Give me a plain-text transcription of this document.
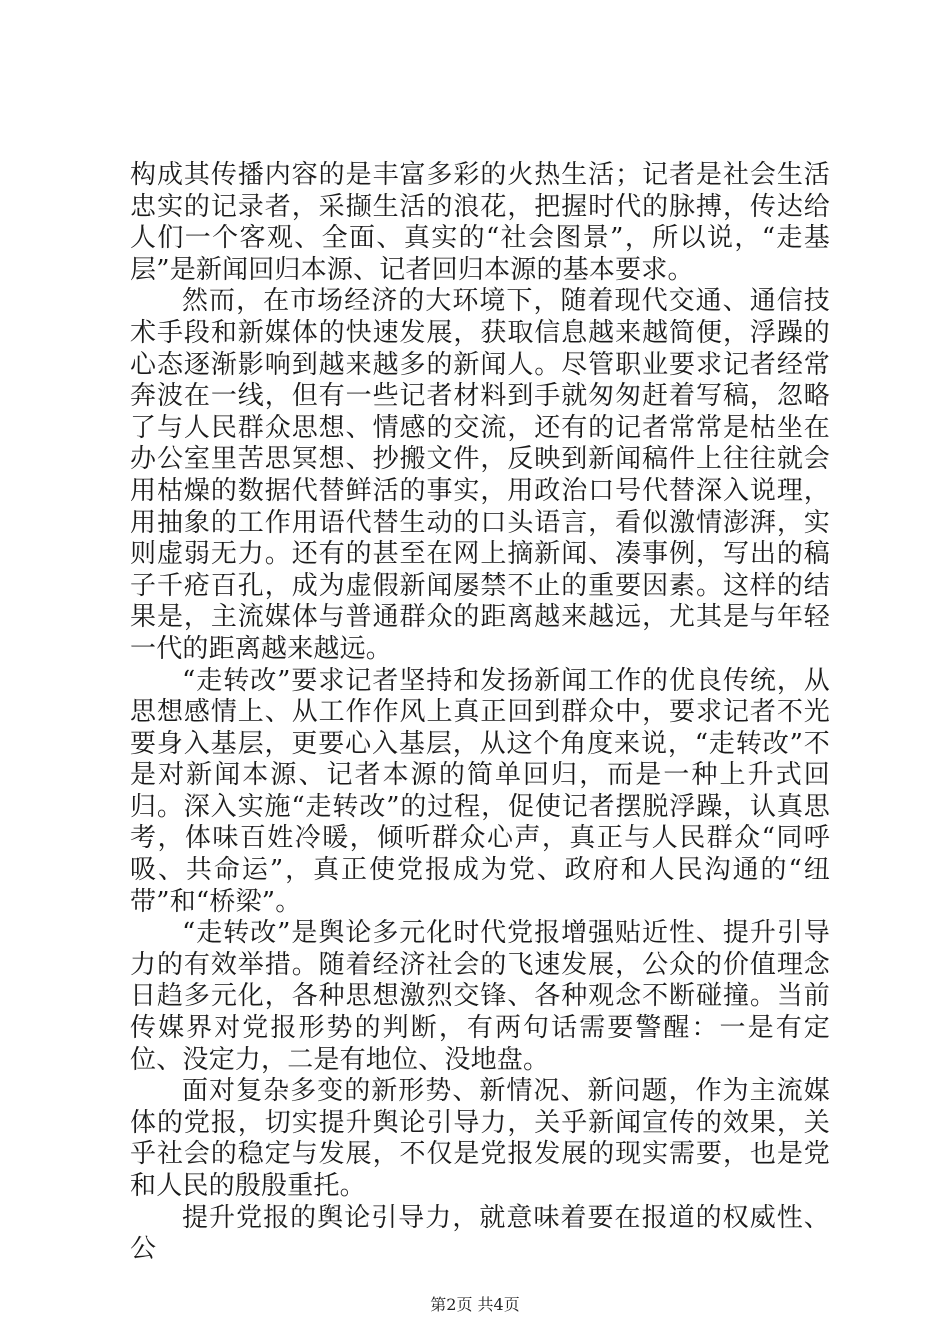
构成其传播内容的是丰富多彩的火热生活；记者是社会生活忠实的记录者，采撷生活的浪花，把握时代的脉搏，传达给人们一个客观、全面、真实的“社会图景”，所以说，“走基层”是新闻回归本源、记者回归本源的基本要求。

然而，在市场经济的大环境下，随着现代交通、通信技术手段和新媒体的快速发展，获取信息越来越简便，浮躁的心态逐渐影响到越来越多的新闻人。尽管职业要求记者经常奔波在一线，但有一些记者材料到手就匆匆赶着写稿，忽略了与人民群众思想、情感的交流，还有的记者常常是枯坐在办公室里苦思冥想、抄搬文件，反映到新闻稿件上往往就会用枯燥的数据代替鲜活的事实，用政治口号代替深入说理，用抽象的工作用语代替生动的口头语言，看似激情澎湃，实则虚弱无力。还有的甚至在网上摘新闻、凑事例，写出的稿子千疮百孔，成为虚假新闻屡禁不止的重要因素。这样的结果是，主流媒体与普通群众的距离越来越远，尤其是与年轻一代的距离越来越远。

“走转改”要求记者坚持和发扬新闻工作的优良传统，从思想感情上、从工作作风上真正回到群众中，要求记者不光要身入基层，更要心入基层，从这个角度来说，“走转改”不是对新闻本源、记者本源的简单回归，而是一种上升式回归。深入实施“走转改”的过程，促使记者摆脱浮躁，认真思考，体味百姓冷暖，倾听群众心声，真正与人民群众“同呼吸、共命运”，真正使党报成为党、政府和人民沟通的“纽带”和“桥梁”。

“走转改”是舆论多元化时代党报增强贴近性、提升引导力的有效举措。随着经济社会的飞速发展，公众的价值理念日趋多元化，各种思想激烈交锋、各种观念不断碰撞。当前传媒界对党报形势的判断，有两句话需要警醒：一是有定位、没定力，二是有地位、没地盘。

面对复杂多变的新形势、新情况、新问题，作为主流媒体的党报，切实提升舆论引导力，关乎新闻宣传的效果，关乎社会的稳定与发展，不仅是党报发展的现实需要，也是党和人民的殷殷重托。

提升党报的舆论引导力，就意味着要在报道的权威性、公

第2页 共4页
